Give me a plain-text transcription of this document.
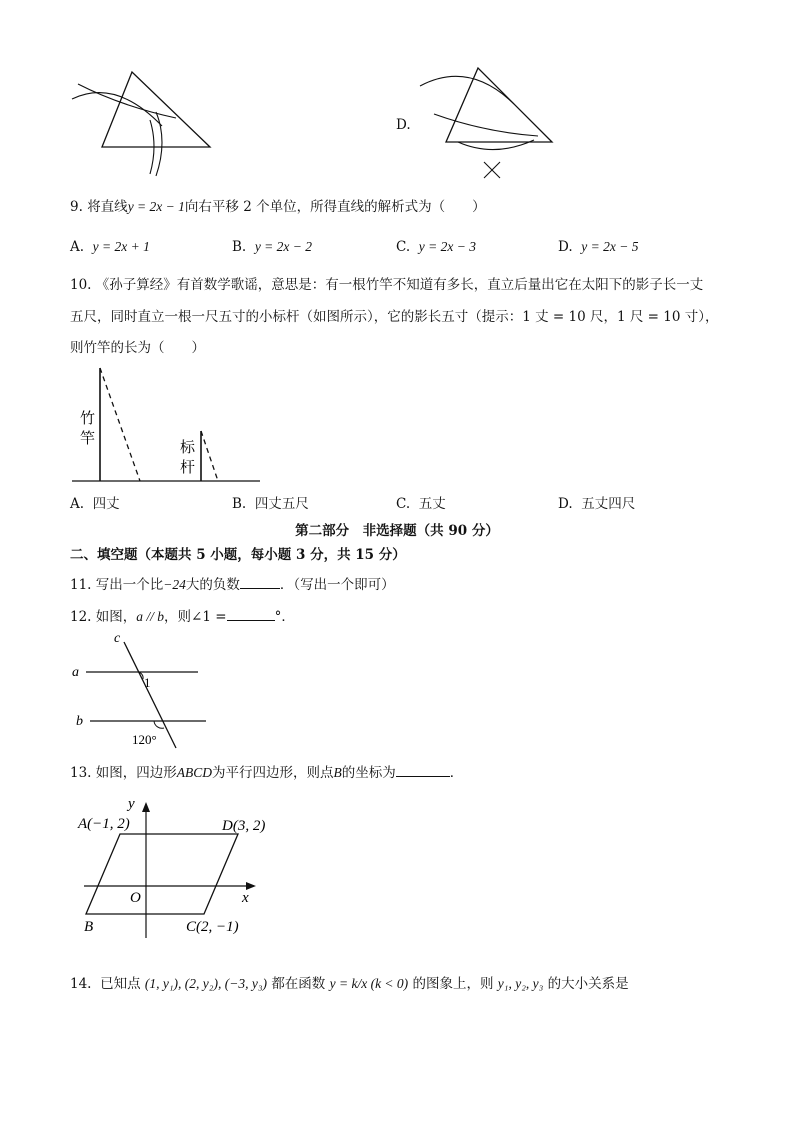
D.
9. 将直线y = 2x − 1向右平移 2 个单位，所得直线的解析式为（　　）
A. y = 2x + 1	B. y = 2x − 2	C. y = 2x − 3	D. y = 2x − 5
10. 《孙子算经》有首数学歌谣，意思是：有一根竹竿不知道有多长，直立后量出它在太阳下的影子长一丈
五尺，同时直立一根一尺五寸的小标杆（如图所示），它的影长五寸（提示：1 丈 = 10 尺，1 尺 = 10 寸），
则竹竿的长为（　　）
竹
竿
标
杆
A. 四丈	B. 四丈五尺	C. 五丈	D. 五丈四尺
第二部分　非选择题（共 90 分）
二、填空题（本题共 5 小题，每小题 3 分，共 15 分）
11. 写出一个比−24大的负数	．（写出一个即可）
12. 如图，a // b，则∠1 =	°．
c
a
b
1
120°
13. 如图，四边形ABCD为平行四边形，则点B的坐标为	．
y
x
O
A(−1, 2)	D(3, 2)
B	C(2, −1)
14. 已知点 (1, y₁), (2, y₂), (−3, y₃) 都在函数 y = k/x (k < 0) 的图象上，则 y₁, y₂, y₃ 的大小关系是
